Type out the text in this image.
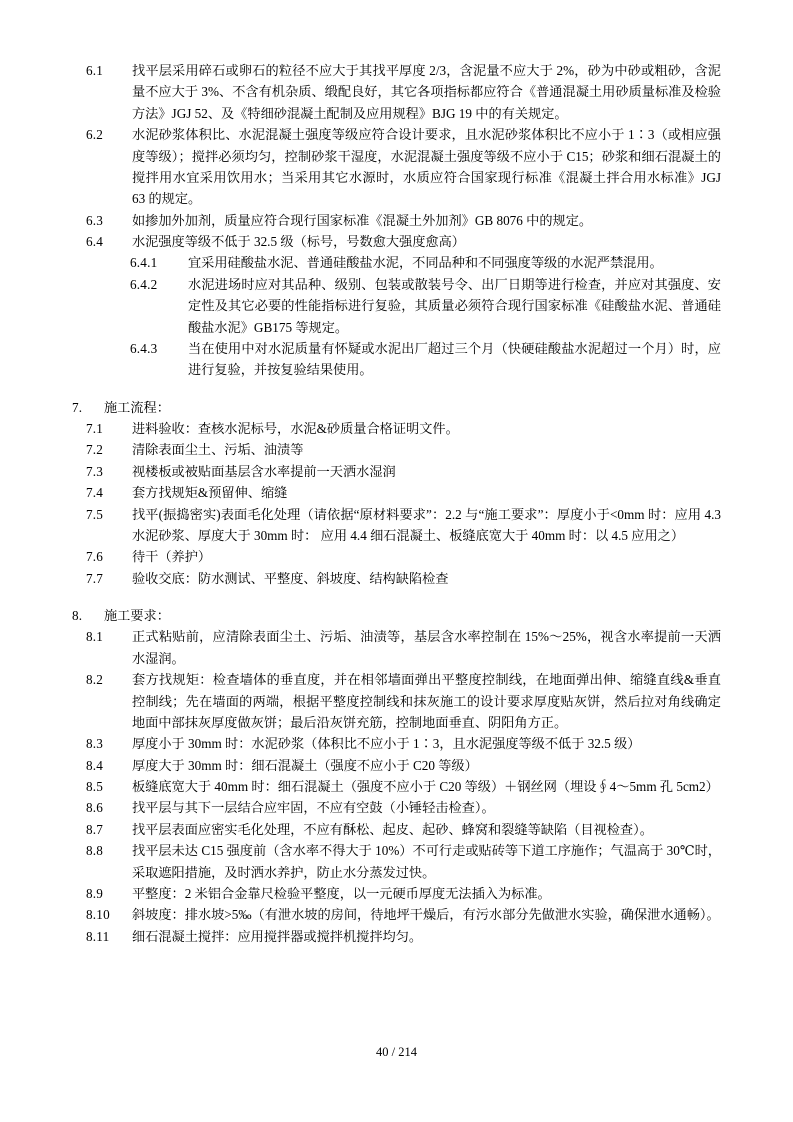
6.1	找平层采用碎石或卵石的粒径不应大于其找平厚度 2/3，含泥量不应大于 2%，砂为中砂或粗砂，含泥量不应大于 3%、不含有机杂质、缎配良好，其它各项指标都应符合《普通混凝土用砂质量标准及检验方法》JGJ 52、及《特细砂混凝土配制及应用规程》BJG 19 中的有关规定。
6.2	水泥砂浆体积比、水泥混凝土强度等级应符合设计要求，且水泥砂浆体积比不应小于 1∶3（或相应强度等级）；搅拌必须均匀，控制砂浆干湿度，水泥混凝土强度等级不应小于 C15；砂浆和细石混凝土的搅拌用水宜采用饮用水；当采用其它水源时，水质应符合国家现行标准《混凝土拌合用水标准》JGJ 63 的规定。
6.3	如掺加外加剂，质量应符合现行国家标准《混凝土外加剂》GB 8076 中的规定。
6.4	水泥强度等级不低于 32.5 级（标号，号数愈大强度愈高）
6.4.1	宜采用硅酸盐水泥、普通硅酸盐水泥，不同品种和不同强度等级的水泥严禁混用。
6.4.2	水泥进场时应对其品种、级别、包装或散装号令、出厂日期等进行检查，并应对其强度、安定性及其它必要的性能指标进行复验，其质量必须符合现行国家标准《硅酸盐水泥、普通硅酸盐水泥》GB175 等规定。
6.4.3	当在使用中对水泥质量有怀疑或水泥出厂超过三个月（快硬硅酸盐水泥超过一个月）时，应进行复验，并按复验结果使用。
7.	施工流程：
7.1	进料验收：查核水泥标号，水泥&砂质量合格证明文件。
7.2	清除表面尘土、污垢、油渍等
7.3	视楼板或被贴面基层含水率提前一天洒水湿润
7.4	套方找规矩&预留伸、缩缝
7.5	找平(振捣密实)表面毛化处理（请依据“原材料要求”：2.2 与“施工要求”：厚度小于<0mm 时：应用 4.3 水泥砂浆、厚度大于 30mm 时： 应用 4.4 细石混凝土、板缝底宽大于 40mm 时：以 4.5 应用之）
7.6	待干（养护）
7.7	验收交底：防水测试、平整度、斜坡度、结构缺陷检查
8.	施工要求：
8.1	正式粘贴前，应清除表面尘土、污垢、油渍等，基层含水率控制在 15%～25%，视含水率提前一天洒水湿润。
8.2	套方找规矩：检查墙体的垂直度，并在相邻墙面弹出平整度控制线，在地面弹出伸、缩缝直线&垂直控制线；先在墙面的两端，根据平整度控制线和抹灰施工的设计要求厚度贴灰饼，然后拉对角线确定地面中部抹灰厚度做灰饼；最后沿灰饼充筋，控制地面垂直、阴阳角方正。
8.3	厚度小于 30mm 时：水泥砂浆（体积比不应小于 1∶3，且水泥强度等级不低于 32.5 级）
8.4	厚度大于 30mm 时：细石混凝土（强度不应小于 C20 等级）
8.5	板缝底宽大于 40mm 时：细石混凝土（强度不应小于 C20 等级）＋钢丝网（埋设∮4～5mm 孔 5cm2）
8.6	找平层与其下一层结合应牢固，不应有空鼓（小锤轻击检查）。
8.7	找平层表面应密实毛化处理，不应有酥松、起皮、起砂、蜂窝和裂缝等缺陷（目视检查）。
8.8	找平层未达 C15 强度前（含水率不得大于 10%）不可行走或贴砖等下道工序施作；气温高于 30℃时，采取遮阳措施，及时洒水养护，防止水分蒸发过快。
8.9	平整度：2 米铝合金靠尺检验平整度，以一元硬币厚度无法插入为标准。
8.10	斜坡度：排水坡>5‰（有泄水坡的房间，待地坪干燥后，有污水部分先做泄水实验，确保泄水通畅）。
8.11	细石混凝土搅拌：应用搅拌器或搅拌机搅拌均匀。
40 / 214
